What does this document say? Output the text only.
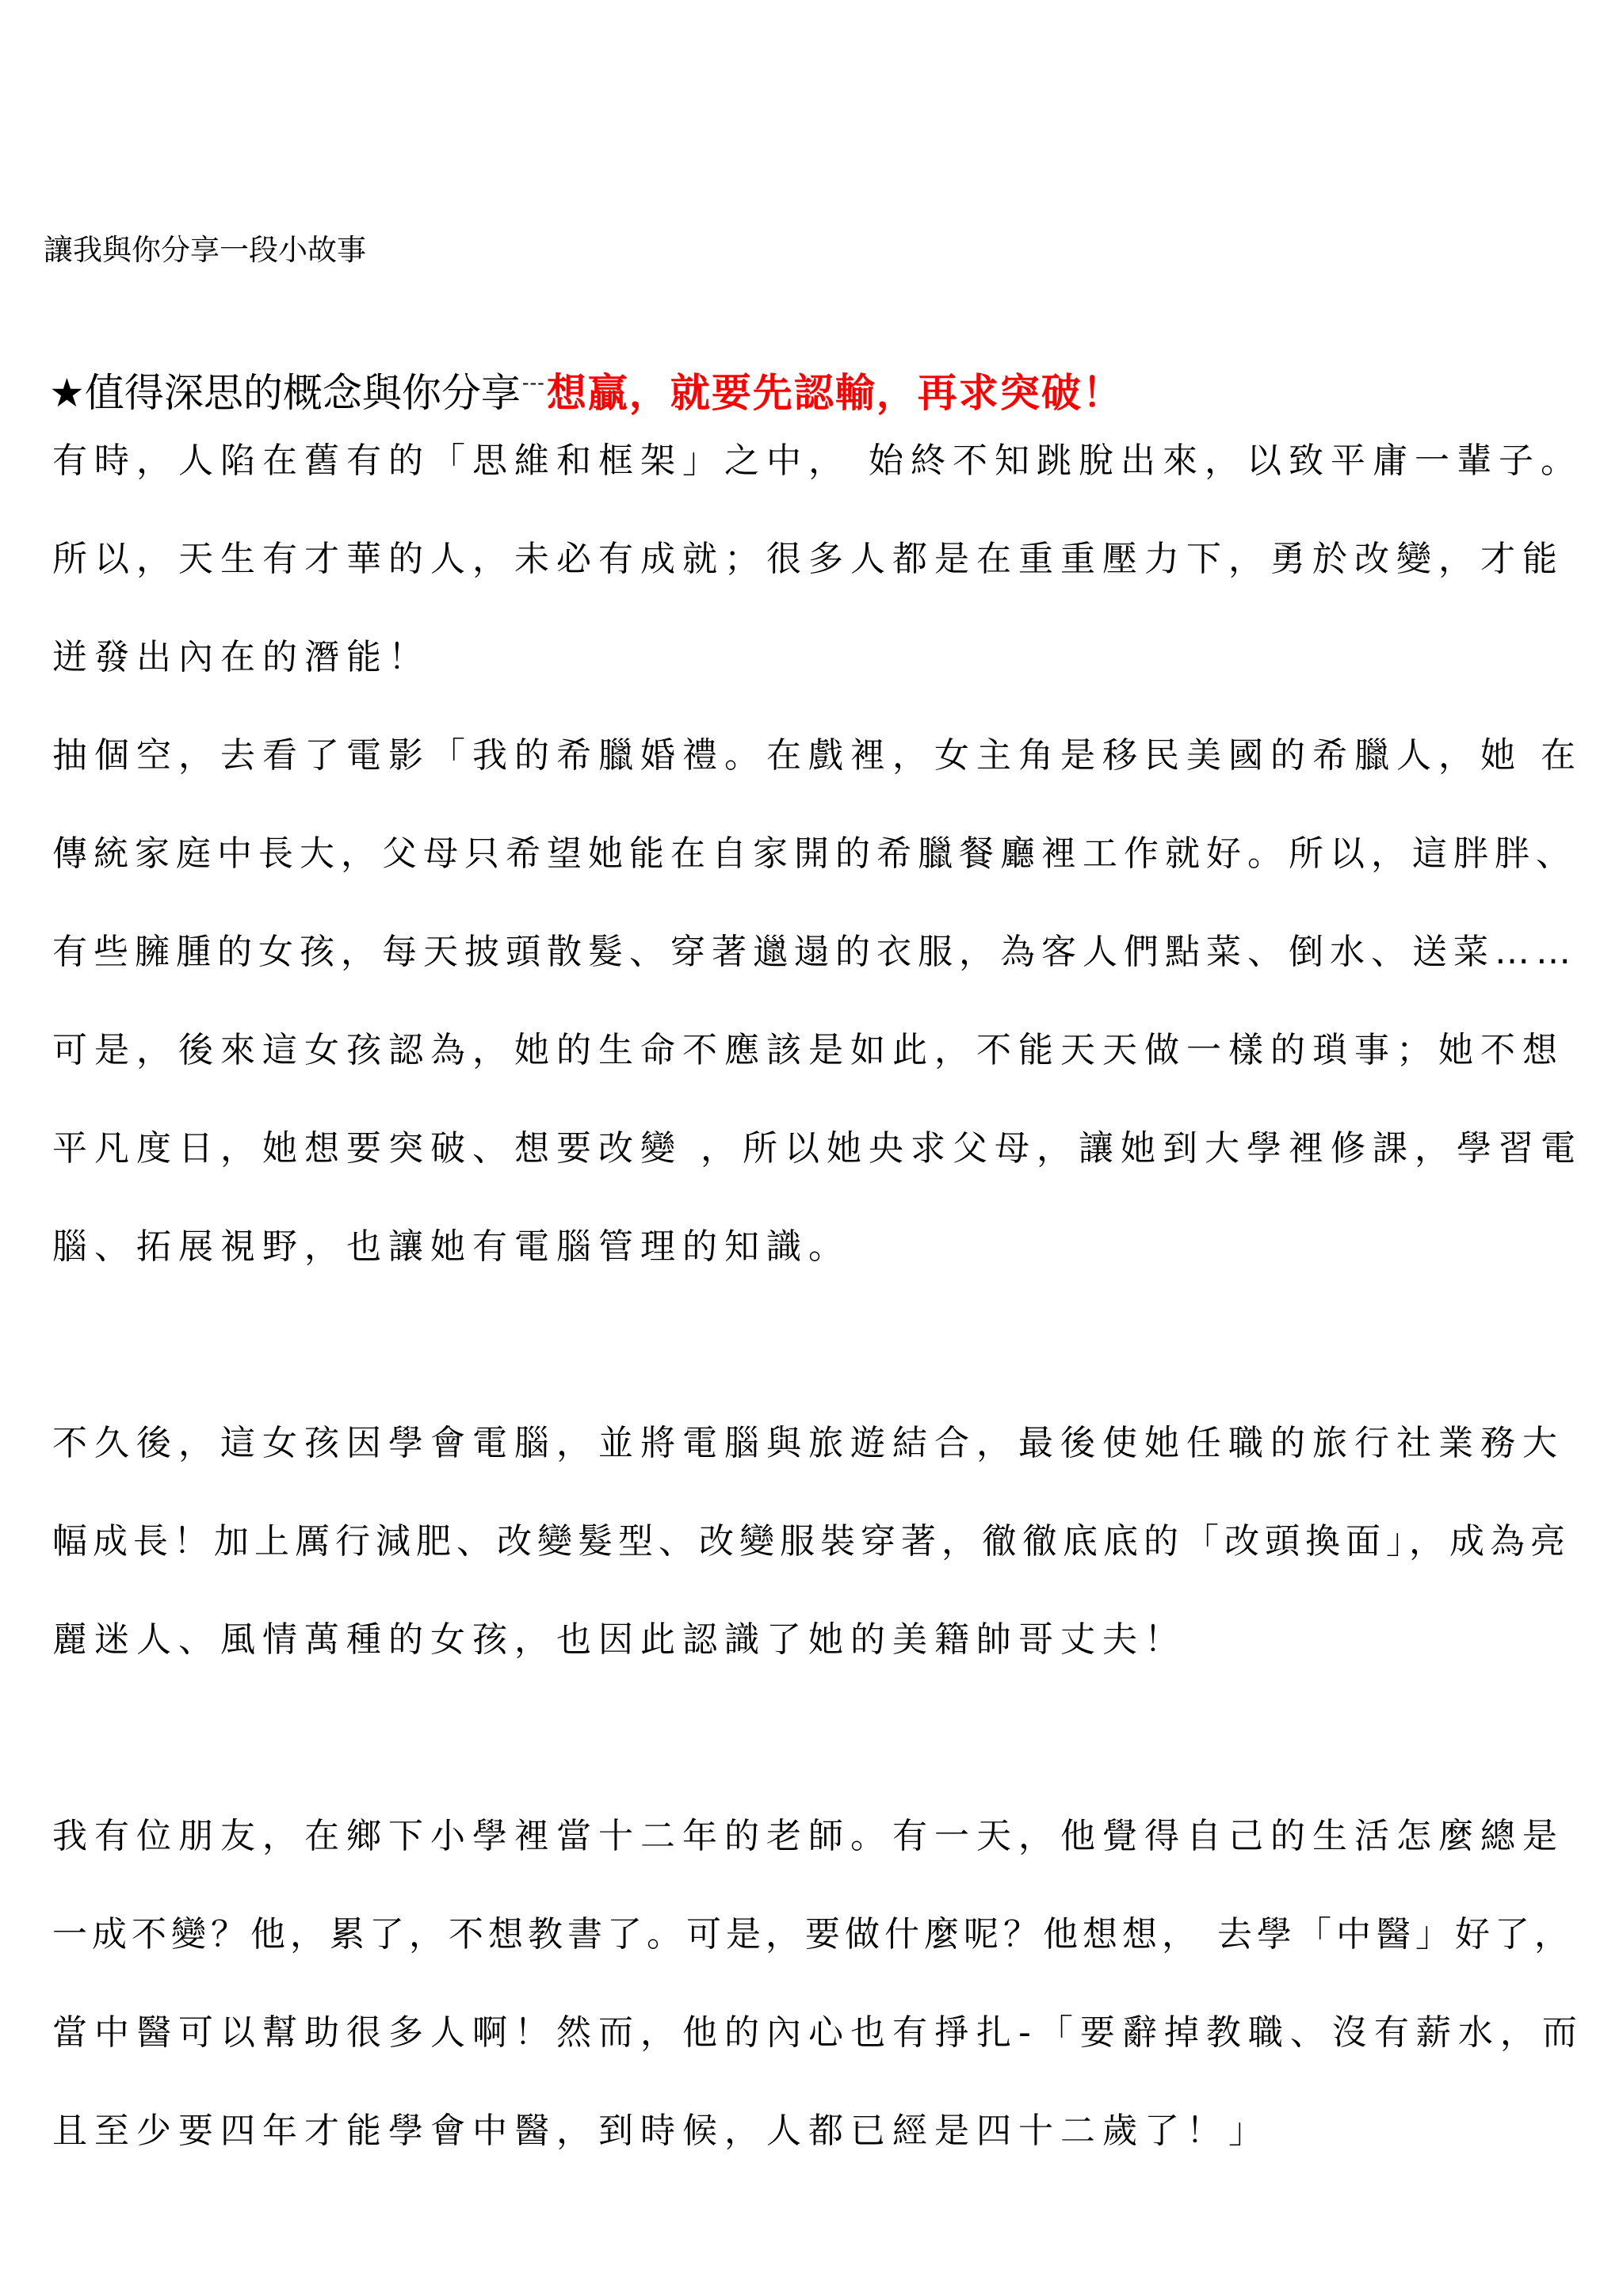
讓我與你分享一段小故事
★值得深思的概念與你分享---想贏，就要先認輸，再求突破！
有時，人陷在舊有的「思維和框架」之中， 始終不知跳脫出來，以致平庸一輩子。
所以，天生有才華的人，未必有成就；很多人都是在重重壓力下，勇於改變，才能
迸發出內在的潛能！
抽個空，去看了電影「我的希臘婚禮。在戲裡，女主角是移民美國的希臘人，她 在
傳統家庭中長大，父母只希望她能在自家開的希臘餐廳裡工作就好。所以，這胖胖、
有些臃腫的女孩，每天披頭散髮、穿著邋遢的衣服，為客人們點菜、倒水、送菜……
可是，後來這女孩認為，她的生命不應該是如此，不能天天做一樣的瑣事；她不想
平凡度日，她想要突破、想要改變 ，所以她央求父母，讓她到大學裡修課，學習電
腦、拓展視野，也讓她有電腦管理的知識。
不久後，這女孩因學會電腦，並將電腦與旅遊結合，最後使她任職的旅行社業務大
幅成長！加上厲行減肥、改變髮型、改變服裝穿著，徹徹底底的「改頭換面」，成為亮
麗迷人、風情萬種的女孩，也因此認識了她的美籍帥哥丈夫！
我有位朋友，在鄉下小學裡當十二年的老師。有一天，他覺得自己的生活怎麼總是
一成不變？他，累了，不想教書了。可是，要做什麼呢？他想想， 去學「中醫」好了，
當中醫可以幫助很多人啊！然而，他的內心也有掙扎-「要辭掉教職、沒有薪水，而
且至少要四年才能學會中醫，到時候，人都已經是四十二歲了！」
